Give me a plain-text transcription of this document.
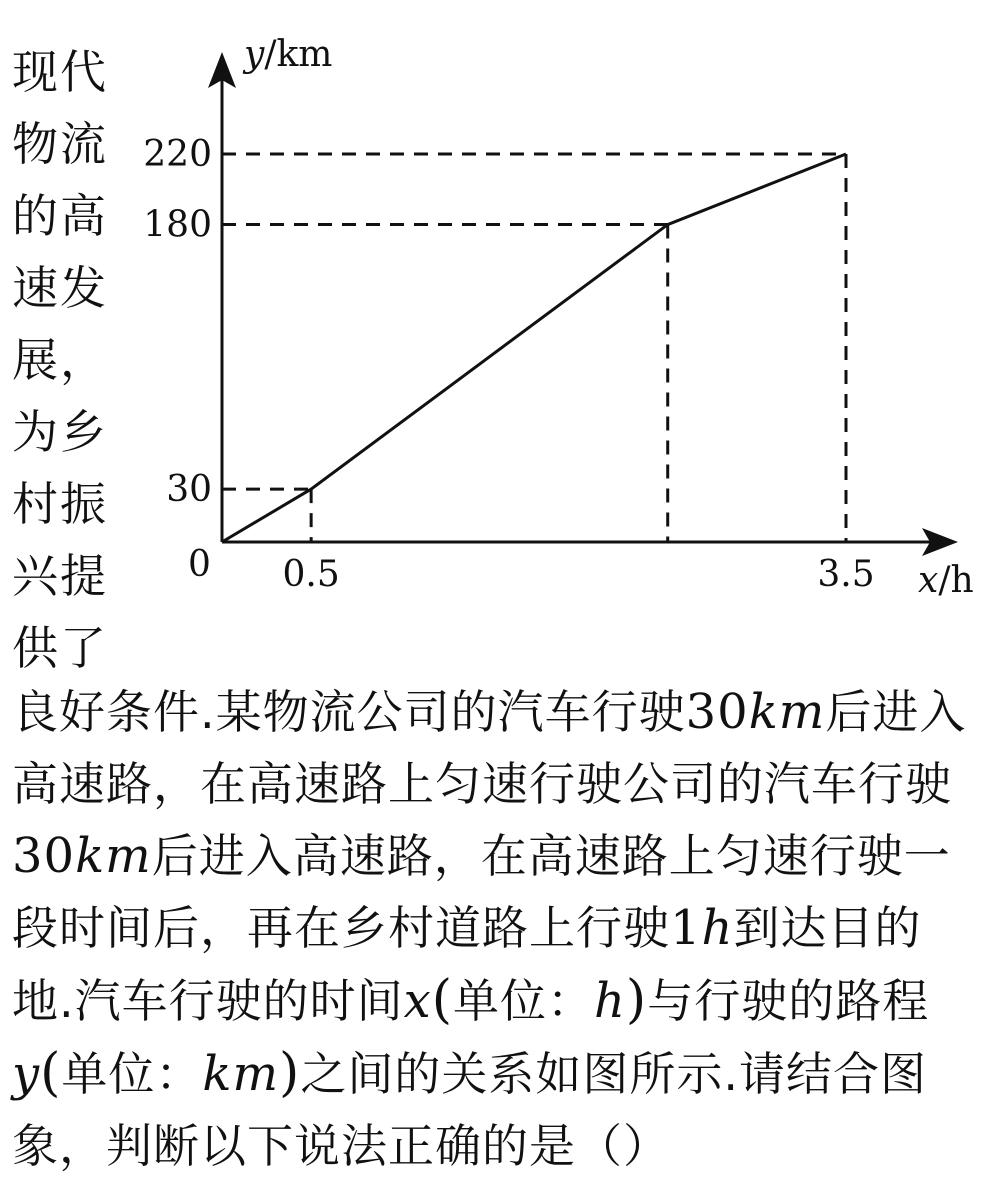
现代物流的高速发展，为乡村振兴提供了
0 0.5	3.5
30
180
220
y/km
x/h
良好条件.某物流公司的汽车行驶30km后进入高速路，在高速路上匀速行驶公司的汽车行驶30km后进入高速路，在高速路上匀速行驶一段时间后，再在乡村道路上行驶1h到达目的地.汽车行驶的时间x(单位：h)与行驶的路程y(单位：km)之间的关系如图所示.请结合图象，判断以下说法正确的是（）
